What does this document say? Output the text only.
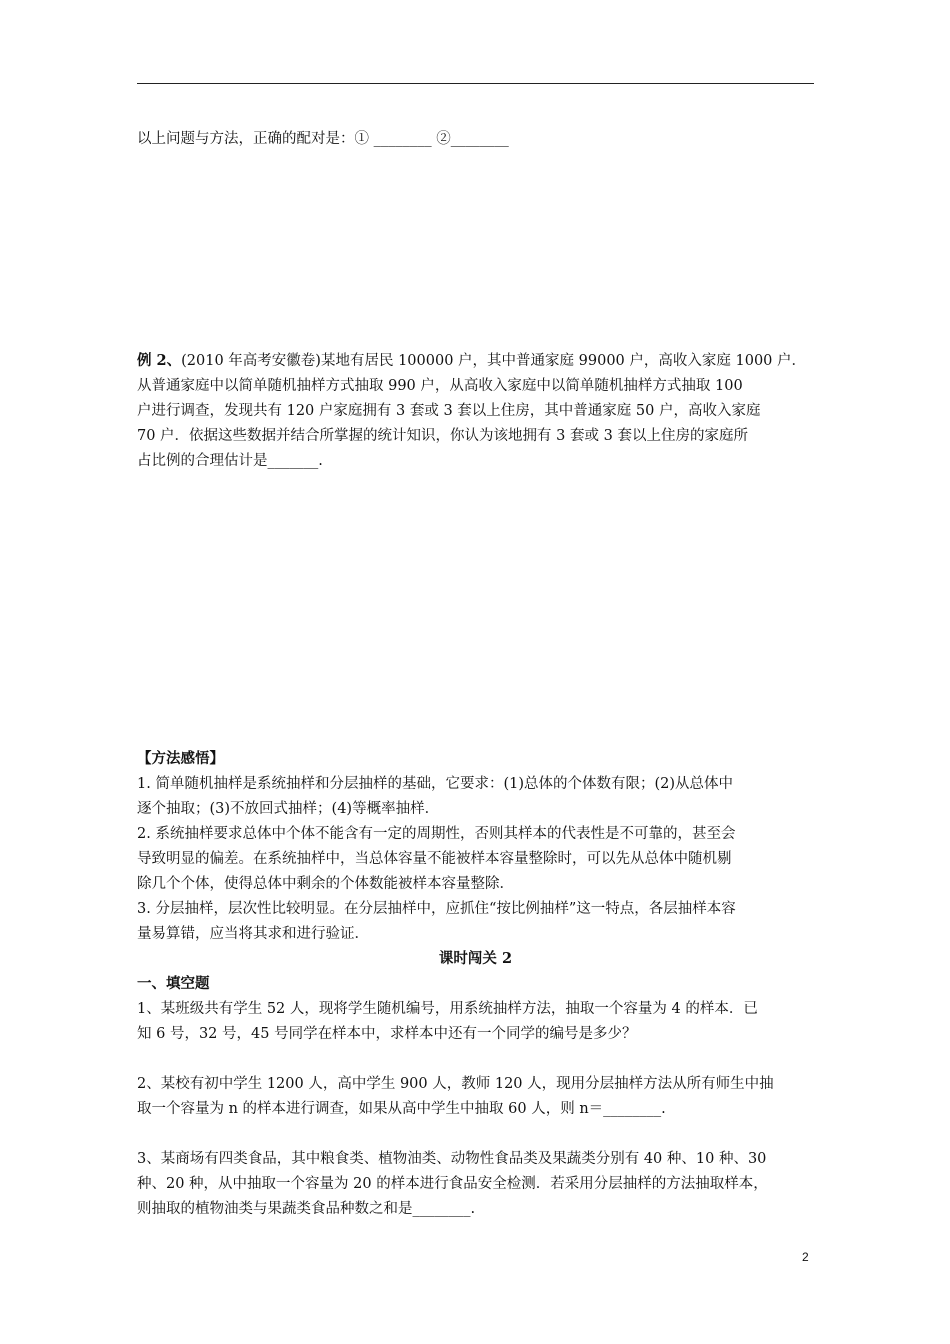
以上问题与方法，正确的配对是：① ________ ②________
例 2、(2010 年高考安徽卷)某地有居民 100000 户，其中普通家庭 99000 户，高收入家庭 1000 户．
从普通家庭中以简单随机抽样方式抽取 990 户，从高收入家庭中以简单随机抽样方式抽取 100
户进行调查，发现共有 120 户家庭拥有 3 套或 3 套以上住房，其中普通家庭 50 户，高收入家庭
70 户．依据这些数据并结合所掌握的统计知识，你认为该地拥有 3 套或 3 套以上住房的家庭所
占比例的合理估计是_______.
【方法感悟】
1. 简单随机抽样是系统抽样和分层抽样的基础，它要求：(1)总体的个体数有限；(2)从总体中
逐个抽取；(3)不放回式抽样；(4)等概率抽样．
2. 系统抽样要求总体中个体不能含有一定的周期性，否则其样本的代表性是不可靠的，甚至会
导致明显的偏差。在系统抽样中，当总体容量不能被样本容量整除时，可以先从总体中随机剔
除几个个体，使得总体中剩余的个体数能被样本容量整除．
3. 分层抽样，层次性比较明显。在分层抽样中，应抓住“按比例抽样”这一特点，各层抽样本容
量易算错，应当将其求和进行验证．
课时闯关 2
一、填空题
1、某班级共有学生 52 人，现将学生随机编号，用系统抽样方法，抽取一个容量为 4 的样本．已
知 6 号，32 号，45 号同学在样本中，求样本中还有一个同学的编号是多少？
2、某校有初中学生 1200 人，高中学生 900 人，教师 120 人，现用分层抽样方法从所有师生中抽
取一个容量为 n 的样本进行调查，如果从高中学生中抽取 60 人，则 n＝________.
3、某商场有四类食品，其中粮食类、植物油类、动物性食品类及果蔬类分别有 40 种、10 种、30
种、20 种，从中抽取一个容量为 20 的样本进行食品安全检测．若采用分层抽样的方法抽取样本，
则抽取的植物油类与果蔬类食品种数之和是________.
2
